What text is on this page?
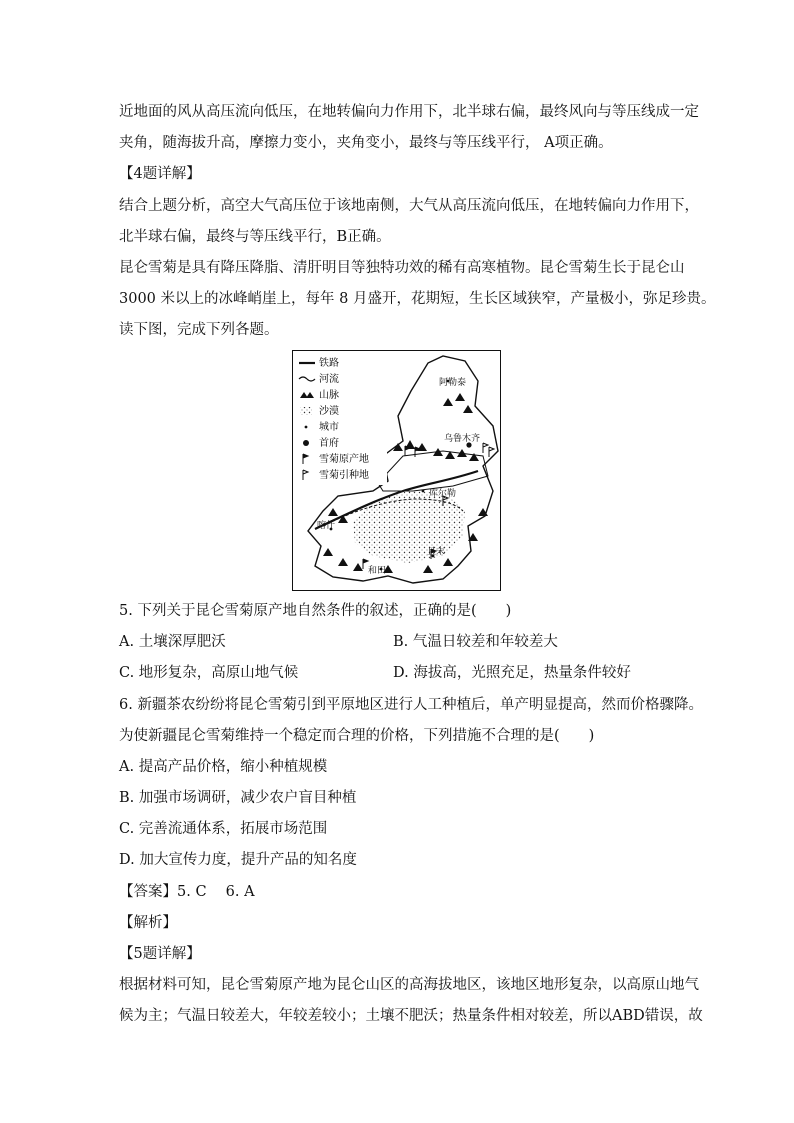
近地面的风从高压流向低压，在地转偏向力作用下，北半球右偏，最终风向与等压线成一定
夹角，随海拔升高，摩擦力变小，夹角变小，最终与等压线平行， A项正确。
【4题详解】
结合上题分析，高空大气高压位于该地南侧，大气从高压流向低压，在地转偏向力作用下，
北半球右偏，最终与等压线平行，B正确。
昆仑雪菊是具有降压降脂、清肝明目等独特功效的稀有高寒植物。昆仑雪菊生长于昆仑山
3000 米以上的冰峰峭崖上，每年 8 月盛开，花期短，生长区域狭窄，产量极小，弥足珍贵。
读下图，完成下列各题。
阿勒泰
乌鲁木齐
库尔勒
喀什
且末
和田
铁路
河流
山脉
沙漠
城市
首府
雪菊原产地
雪菊引种地
5. 下列关于昆仑雪菊原产地自然条件的叙述，正确的是(　　)
A. 土壤深厚肥沃	B. 气温日较差和年较差大
C. 地形复杂，高原山地气候	D. 海拔高，光照充足，热量条件较好
6. 新疆茶农纷纷将昆仑雪菊引到平原地区进行人工种植后，单产明显提高，然而价格骤降。
为使新疆昆仑雪菊维持一个稳定而合理的价格，下列措施不合理的是(　　)
A. 提高产品价格，缩小种植规模
B. 加强市场调研，减少农户盲目种植
C. 完善流通体系，拓展市场范围
D. 加大宣传力度，提升产品的知名度
【答案】5. C　 6. A
【解析】
【5题详解】
根据材料可知，昆仑雪菊原产地为昆仑山区的高海拔地区，该地区地形复杂，以高原山地气
候为主；气温日较差大，年较差较小；土壤不肥沃；热量条件相对较差，所以ABD错误，故
